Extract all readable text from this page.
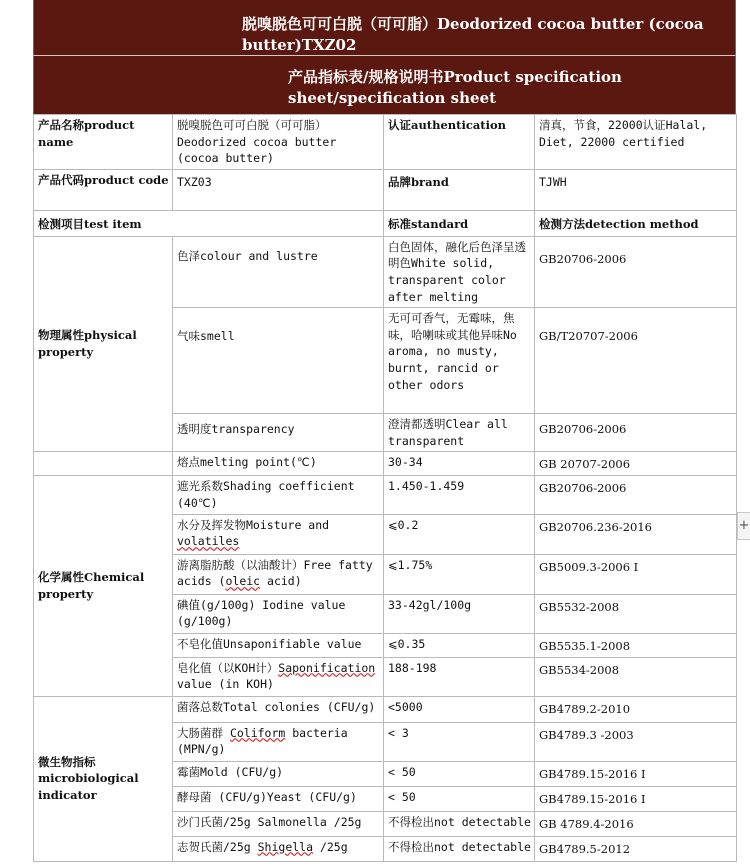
脱嗅脱色可可白脱（可可脂）Deodorized cocoa butter (cocoa butter)TXZ02
产品指标表/规格说明书Product specification sheet/specification sheet
产品名称product name	脱嗅脱色可可白脱（可可脂）Deodorized cocoa butter (cocoa butter)	认证authentication	清真，节食，22000认证Halal, Diet, 22000 certified
产品代码product code	TXZ03	品牌brand	TJWH
检测项目test item		标准standard	检测方法detection method
物理属性physical property	色泽colour and lustre	白色固体，融化后色泽呈透明色White solid, transparent color after melting	GB20706-2006
	气味smell	无可可香气，无霉味，焦味，哈喇味或其他异味No aroma, no musty, burnt, rancid or other odors	GB/T20707-2006
	透明度transparency	澄清都透明Clear all transparent	GB20706-2006
	熔点melting point(℃)	30-34	GB 20707-2006
化学属性Chemical property	遮光系数Shading coefficient (40℃)	1.450-1.459	GB20706-2006
	水分及挥发物Moisture and volatiles	⩽0.2	GB20706.236-2016
	游离脂肪酸（以油酸计）Free fatty acids (oleic acid)	⩽1.75%	GB5009.3-2006 I
	碘值(g/100g) Iodine value (g/100g)	33-42gl/100g	GB5532-2008
	不皂化值Unsaponifiable value	⩽0.35	GB5535.1-2008
	皂化值（以KOH计）Saponification value (in KOH)	188-198	GB5534-2008
微生物指标 microbiological indicator	菌落总数Total colonies (CFU/g)	<5000	GB4789.2-2010
	大肠菌群 Coliform bacteria (MPN/g)	< 3	GB4789.3 -2003
	霉菌Mold (CFU/g)	< 50	GB4789.15-2016 I
	酵母菌 (CFU/g)Yeast (CFU/g)	< 50	GB4789.15-2016 I
	沙门氏菌/25g Salmonella /25g	不得检出not detectable	GB 4789.4-2016
	志贺氏菌/25g Shigella /25g	不得检出not detectable	GB4789.5-2012
+
